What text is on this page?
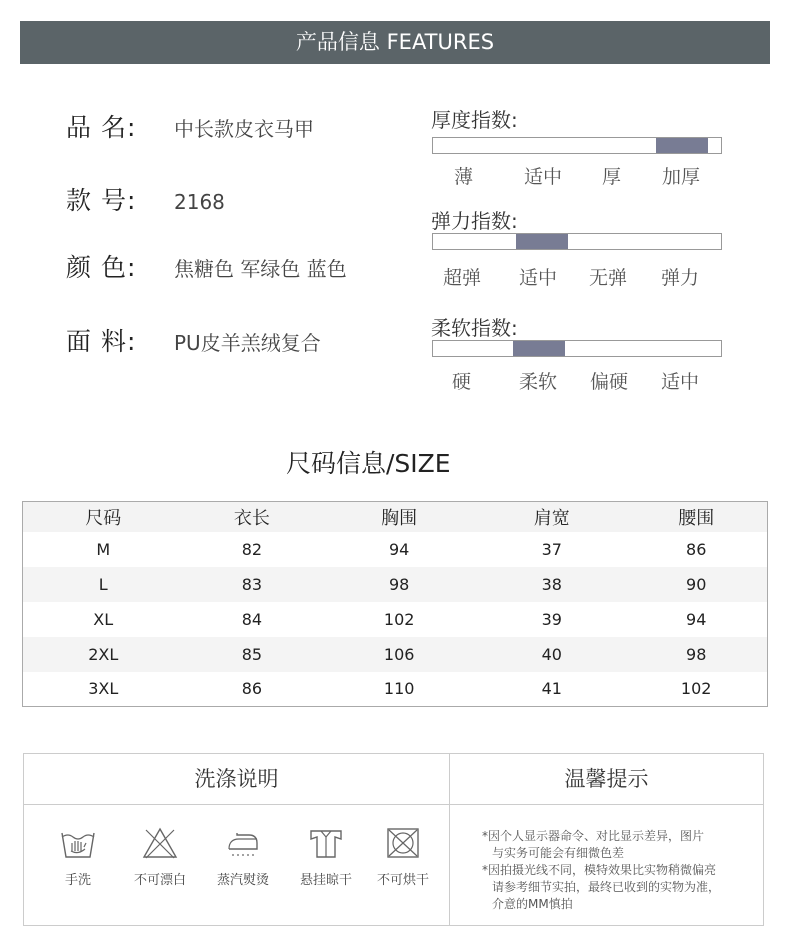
产品信息 FEATURES
品 名:	中长款皮衣马甲
款 号:	2168
颜 色:	焦糖色 军绿色 蓝色
面 料:	PU皮羊羔绒复合
厚度指数:
薄	适中 厚 加厚
弹力指数:
超弹 适中 无弹 弹力
柔软指数:
硬	柔软 偏硬 适中
尺码信息/SIZE
尺码	衣长	胸围	肩宽	腰围
M	82	94	37	86
L	83	98	38	90
XL	84	102	39	94
2XL	85	106	40	98
3XL	86	110	41	102
洗涤说明	温馨提示
手洗	不可漂白	蒸汽熨烫	悬挂晾干	不可烘干

*因个人显示器命令、对比显示差异，图片

与实务可能会有细微色差

*因拍摄光线不同，模特效果比实物稍微偏亮

请参考细节实拍，最终已收到的实物为准，

介意的MM慎拍
